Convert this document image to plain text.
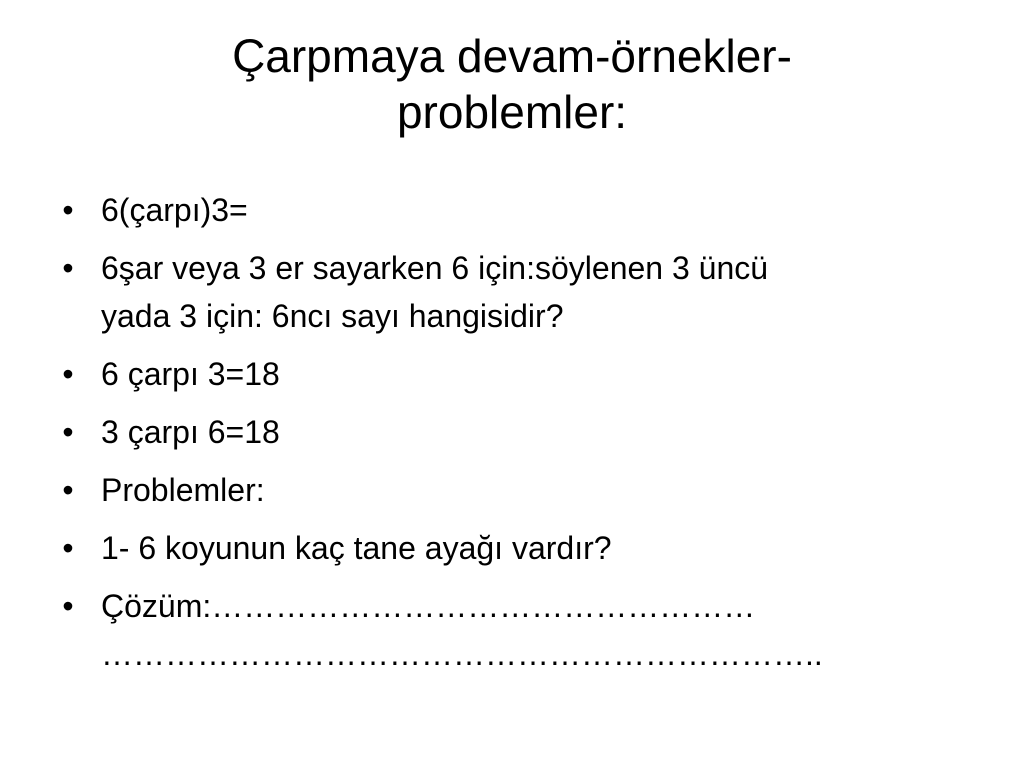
Çarpmaya devam-örnekler-
problemler:
• 6(çarpı)3=
• 6şar veya 3 er sayarken 6 için:söylenen 3 üncü
yada 3 için: 6ncı sayı hangisidir?
• 6 çarpı 3=18
• 3 çarpı 6=18
• Problemler:
• 1- 6 koyunun kaç tane ayağı vardır?
• Çözüm:……………………………………………
…………………………………………………………..
